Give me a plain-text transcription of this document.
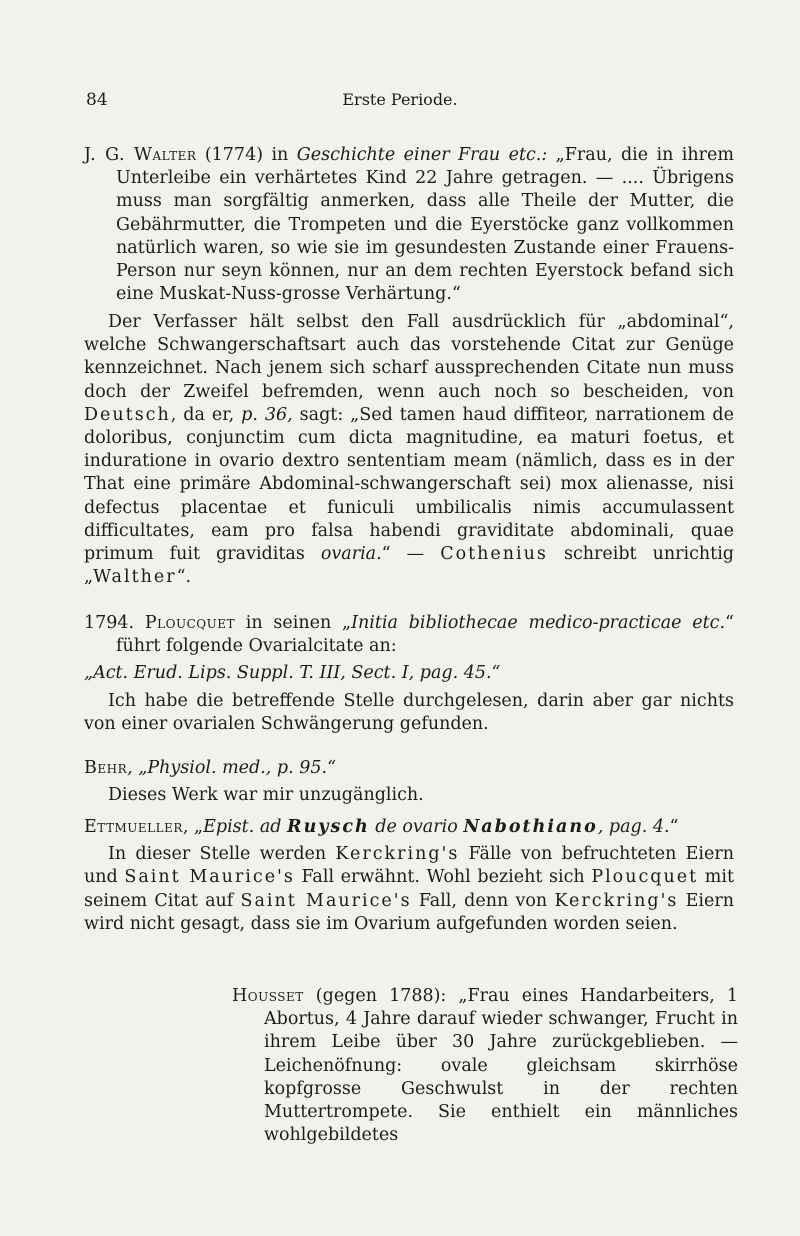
84	Erste Periode.

J. G. Walter (1774) in Geschichte einer Frau etc.: „Frau, die in ihrem Unterleibe ein verhärtetes Kind 22 Jahre getragen. — .... Übrigens muss man sorgfältig anmerken, dass alle Theile der Mutter, die Gebährmutter, die Trompeten und die Eyerstöcke ganz vollkommen natürlich waren, so wie sie im gesundesten Zustande einer Frauens-Person nur seyn können, nur an dem rechten Eyerstock befand sich eine Muskat-Nuss-grosse Verhärtung.“

Der Verfasser hält selbst den Fall ausdrücklich für „abdominal“, welche Schwangerschaftsart auch das vorstehende Citat zur Genüge kennzeichnet. Nach jenem sich scharf aussprechenden Citate nun muss doch der Zweifel befremden, wenn auch noch so bescheiden, von Deutsch, da er, p. 36, sagt: „Sed tamen haud diffiteor, narrationem de doloribus, conjunctim cum dicta magnitudine, ea maturi foetus, et induratione in ovario dextro sententiam meam (nämlich, dass es in der That eine primäre Abdominal-schwangerschaft sei) mox alienasse, nisi defectus placentae et funiculi umbilicalis nimis accumulassent difficultates, eam pro falsa habendi graviditate abdominali, quae primum fuit graviditas ovaria.“ — Cothenius schreibt unrichtig „Walther“.

1794. Ploucquet in seinen „Initia bibliothecae medico-practicae etc.“ führt folgende Ovarialcitate an:

„Act. Erud. Lips. Suppl. T. III, Sect. I, pag. 45.“

Ich habe die betreffende Stelle durchgelesen, darin aber gar nichts von einer ovarialen Schwängerung gefunden.

Behr, „Physiol. med., p. 95.“

Dieses Werk war mir unzugänglich.

Ettmueller, „Epist. ad Ruysch de ovario Nabothiano, pag. 4.“

In dieser Stelle werden Kerckring's Fälle von befruchteten Eiern und Saint Maurice's Fall erwähnt. Wohl bezieht sich Ploucquet mit seinem Citat auf Saint Maurice's Fall, denn von Kerckring's Eiern wird nicht gesagt, dass sie im Ovarium aufgefunden worden seien.

Housset (gegen 1788): „Frau eines Handarbeiters, 1 Abortus, 4 Jahre darauf wieder schwanger, Frucht in ihrem Leibe über 30 Jahre zurückgeblieben. — Leichenöfnung: ovale gleichsam skirrhöse kopfgrosse Geschwulst in der rechten Muttertrompete. Sie enthielt ein männliches wohlgebildetes
